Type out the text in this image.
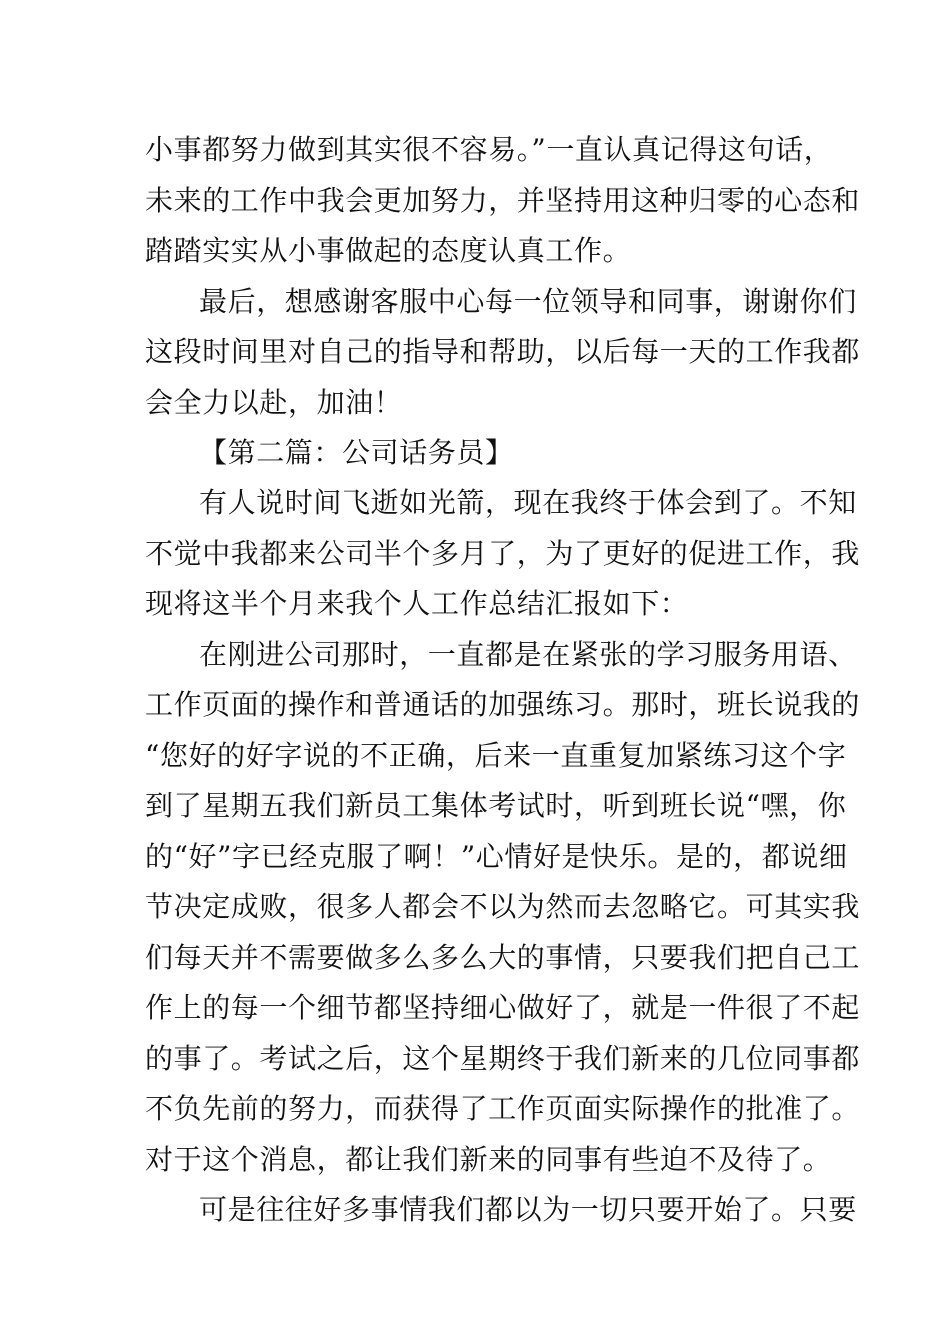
小事都努力做到其实很不容易。”一直认真记得这句话，
未来的工作中我会更加努力，并坚持用这种归零的心态和
踏踏实实从小事做起的态度认真工作。
最后，想感谢客服中心每一位领导和同事，谢谢你们
这段时间里对自己的指导和帮助，以后每一天的工作我都
会全力以赴，加油！
【第二篇：公司话务员】
有人说时间飞逝如光箭，现在我终于体会到了。不知
不觉中我都来公司半个多月了，为了更好的促进工作，我
现将这半个月来我个人工作总结汇报如下：
在刚进公司那时，一直都是在紧张的学习服务用语、
工作页面的操作和普通话的加强练习。那时，班长说我的
“您好的好字说的不正确，后来一直重复加紧练习这个字
到了星期五我们新员工集体考试时，听到班长说“嘿，你
的“好”字已经克服了啊！”心情好是快乐。是的，都说细
节决定成败，很多人都会不以为然而去忽略它。可其实我
们每天并不需要做多么多么大的事情，只要我们把自己工
作上的每一个细节都坚持细心做好了，就是一件很了不起
的事了。考试之后，这个星期终于我们新来的几位同事都
不负先前的努力，而获得了工作页面实际操作的批准了。
对于这个消息，都让我们新来的同事有些迫不及待了。
可是往往好多事情我们都以为一切只要开始了。只要
